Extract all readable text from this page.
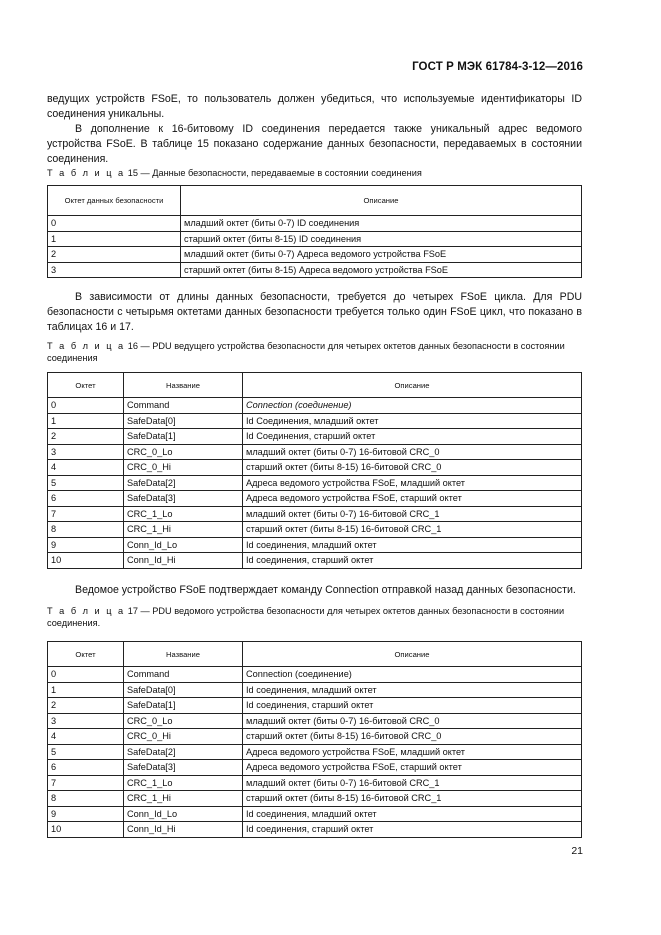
ГОСТ Р МЭК 61784-3-12—2016
ведущих устройств FSoE, то пользователь должен убедиться, что используемые идентификаторы ID соединения уникальны.
В дополнение к 16-битовому ID соединения передается также уникальный адрес ведомого устройства FSoE. В таблице 15 показано содержание данных безопасности, передаваемых в состоянии соединения.
Т а б л и ц а 15 — Данные безопасности, передаваемые в состоянии соединения
Октет данных безопасности	Описание
0	младший октет (биты 0-7) ID соединения
1	старший октет (биты 8-15) ID соединения
2	младший октет (биты 0-7) Адреса ведомого устройства FSoE
3	старший октет (биты 8-15) Адреса ведомого устройства FSoE
В зависимости от длины данных безопасности, требуется до четырех FSoE цикла. Для PDU безопасности с четырьмя октетами данных безопасности требуется только один FSoE цикл, что показано в таблицах 16 и 17.
Т а б л и ц а 16 — PDU ведущего устройства безопасности для четырех октетов данных безопасности в состоянии соединения
Октет	Название	Описание
0	Command	Connection (соединение)
1	SafeData[0]	Id Соединения, младший октет
2	SafeData[1]	Id Соединения, старший октет
3	CRC_0_Lo	младший октет (биты 0-7) 16-битовой CRC_0
4	CRC_0_Hi	старший октет (биты 8-15) 16-битовой CRC_0
5	SafeData[2]	Адреса ведомого устройства FSoE, младший октет
6	SafeData[3]	Адреса ведомого устройства FSoE, старший октет
7	CRC_1_Lo	младший октет (биты 0-7) 16-битовой CRC_1
8	CRC_1_Hi	старший октет (биты 8-15) 16-битовой CRC_1
9	Conn_Id_Lo	Id соединения, младший октет
10	Conn_Id_Hi	Id соединения, старший октет
Ведомое устройство FSoE подтверждает команду Connection отправкой назад данных безопасности.
Т а б л и ц а 17 — PDU ведомого устройства безопасности для четырех октетов данных безопасности в состоянии соединения.
Октет	Название	Описание
0	Command	Connection (соединение)
1	SafeData[0]	Id соединения, младший октет
2	SafeData[1]	Id соединения, старший октет
3	CRC_0_Lo	младший октет (биты 0-7) 16-битовой CRC_0
4	CRC_0_Hi	старший октет (биты 8-15) 16-битовой CRC_0
5	SafeData[2]	Адреса ведомого устройства FSoE, младший октет
6	SafeData[3]	Адреса ведомого устройства FSoE, старший октет
7	CRC_1_Lo	младший октет (биты 0-7) 16-битовой CRC_1
8	CRC_1_Hi	старший октет (биты 8-15) 16-битовой CRC_1
9	Conn_Id_Lo	Id соединения, младший октет
10	Conn_Id_Hi	Id соединения, старший октет
21
